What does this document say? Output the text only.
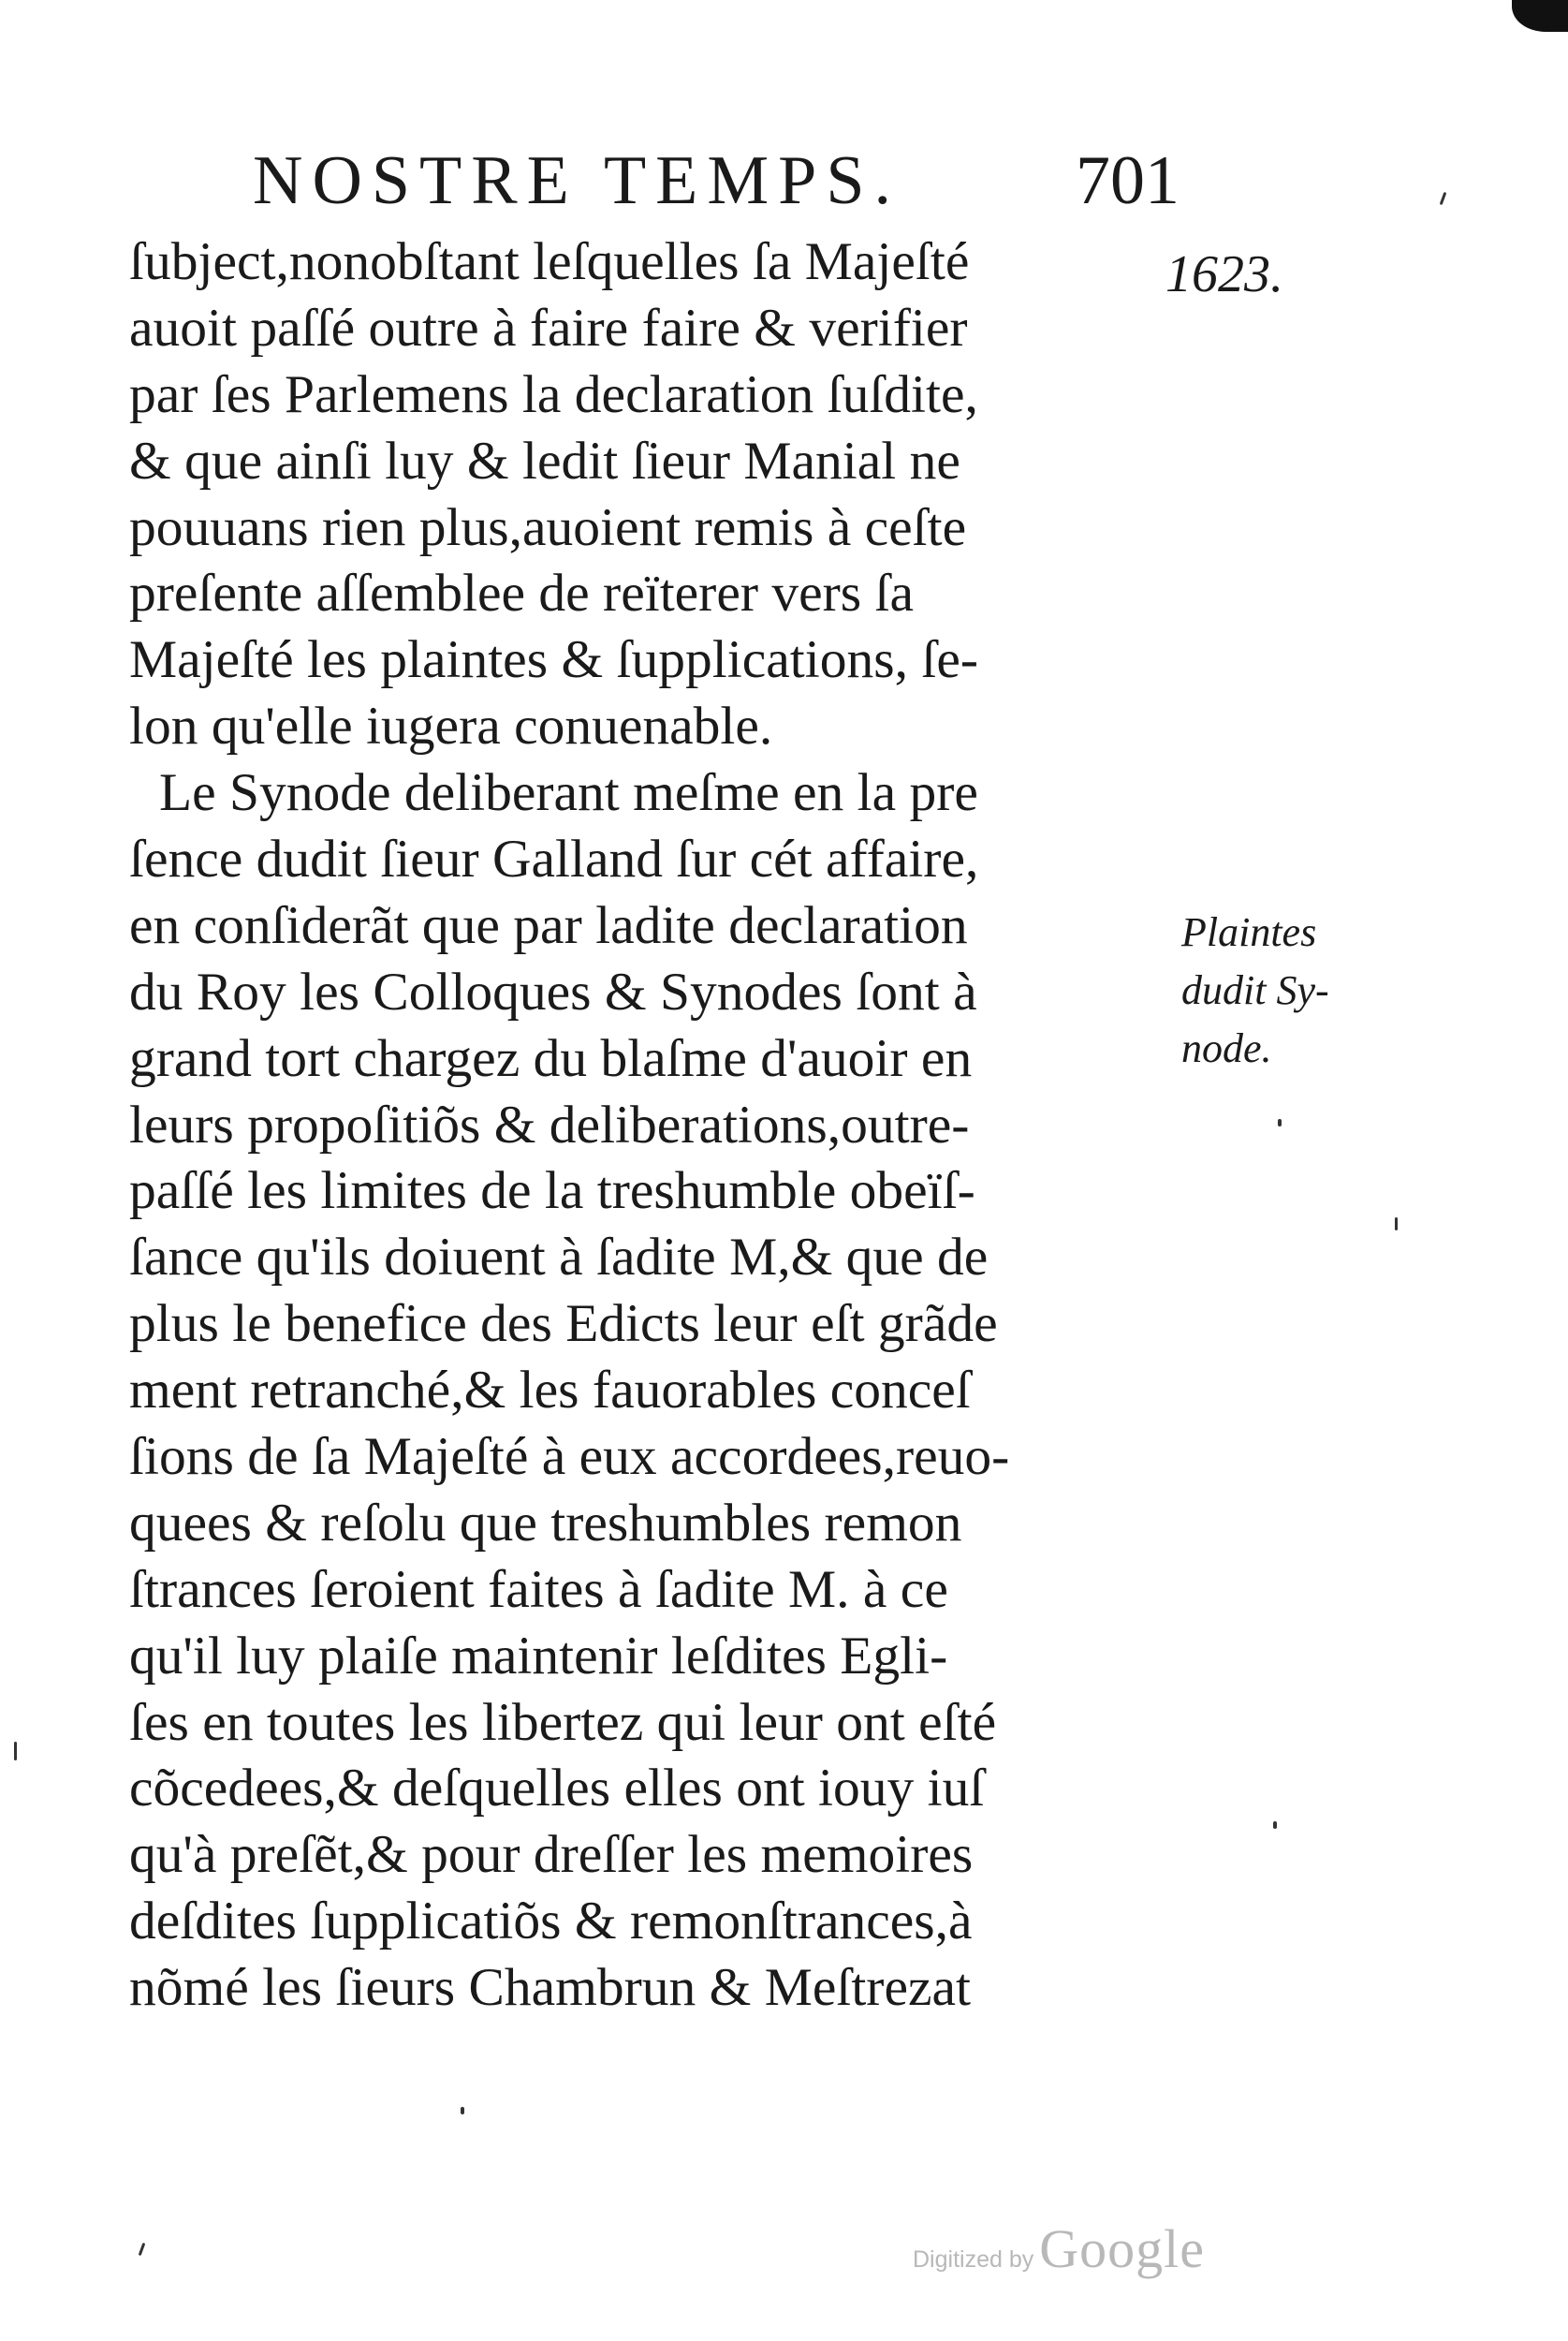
NOSTRE TEMPS.	701
1623.
ſubject,nonobſtant leſquelles ſa Majeſté
auoit paſſé outre à faire faire & verifier
par ſes Parlemens la declaration ſuſdite,
& que ainſi luy & ledit ſieur Manial ne
pouuans rien plus,auoient remis à ceſte
preſente aſſemblee de reïterer vers ſa
Majeſté les plaintes & ſupplications, ſe-
lon qu'elle iugera conuenable.
Le Synode deliberant meſme en la pre
ſence dudit ſieur Galland ſur cét affaire,
en conſiderãt que par ladite declaration
du Roy les Colloques & Synodes ſont à
grand tort chargez du blaſme d'auoir en
leurs propoſitiõs & deliberations,outre-
paſſé les limites de la treshumble obeïſ-
ſance qu'ils doiuent à ſadite M,& que de
plus le benefice des Edicts leur eſt grãde
ment retranché,& les fauorables conceſ
ſions de ſa Majeſté à eux accordees,reuo-
quees & reſolu que treshumbles remon
ſtrances ſeroient faites à ſadite M. à ce
qu'il luy plaiſe maintenir leſdites Egli-
ſes en toutes les libertez qui leur ont eſté
cõcedees,& deſquelles elles ont iouy iuſ
qu'à preſẽt,& pour dreſſer les memoires
deſdites ſupplicatiõs & remonſtrances,à
nõmé les ſieurs Chambrun & Meſtrezat
Plaintes
dudit Sy-
node.
Digitized by Google
